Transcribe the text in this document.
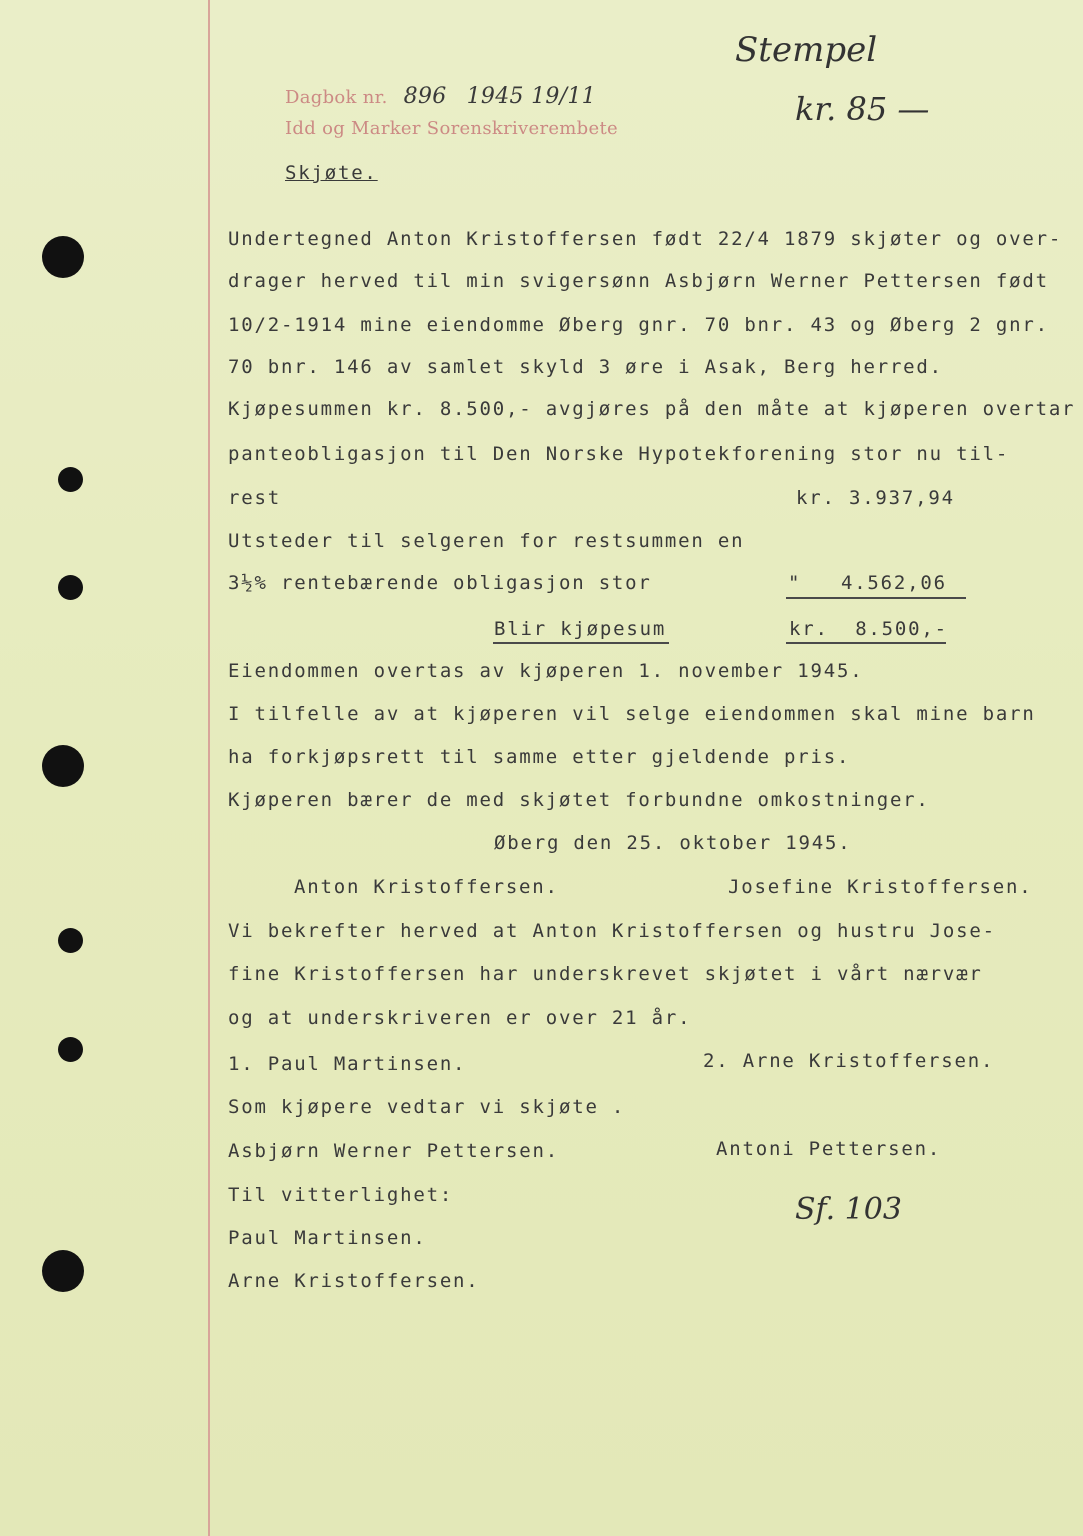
Dagbok nr. 896 1945 19/11
Idd og Marker Sorenskriverembete
Stempel
kr. 85 —
Skjøte.
Undertegned Anton Kristoffersen født 22/4 1879 skjøter og over-
drager herved til min svigersønn Asbjørn Werner Pettersen født
10/2-1914 mine eiendomme Øberg gnr. 70 bnr. 43 og Øberg 2 gnr.
70 bnr. 146 av samlet skyld 3 øre i Asak, Berg herred.
Kjøpesummen kr. 8.500,- avgjøres på den måte at kjøperen overtar
panteobligasjon til Den Norske Hypotekforening stor nu til-
rest	kr. 3.937,94
Utsteder til selgeren for restsummen en
3½% rentebærende obligasjon stor	"   4.562,06
Blir kjøpesum	kr.  8.500,-
Eiendommen overtas av kjøperen 1. november 1945.
I tilfelle av at kjøperen vil selge eiendommen skal mine barn
ha forkjøpsrett til samme etter gjeldende pris.
Kjøperen bærer de med skjøtet forbundne omkostninger.
Øberg den 25. oktober 1945.
Anton Kristoffersen.	Josefine Kristoffersen.
Vi bekrefter herved at Anton Kristoffersen og hustru Jose-
fine Kristoffersen har underskrevet skjøtet i vårt nærvær
og at underskriveren er over 21 år.
1. Paul Martinsen.	2. Arne Kristoffersen.
Som kjøpere vedtar vi skjøte .
Asbjørn Werner Pettersen.	Antoni Pettersen.
Til vitterlighet:	Sf. 103
Paul Martinsen.
Arne Kristoffersen.
